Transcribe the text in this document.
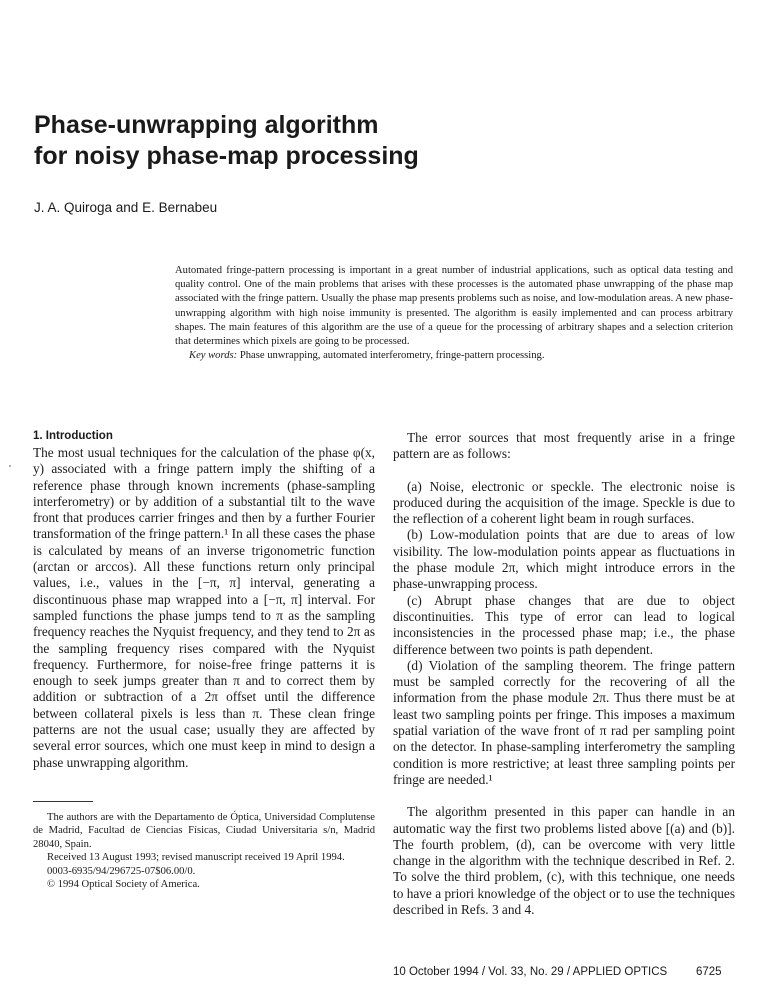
Phase-unwrapping algorithm
for noisy phase-map processing
J. A. Quiroga and E. Bernabeu

Automated fringe-pattern processing is important in a great number of industrial applications, such as optical data testing and quality control. One of the main problems that arises with these processes is the automated phase unwrapping of the phase map associated with the fringe pattern. Usually the phase map presents problems such as noise, and low-modulation areas. A new phase-unwrapping algorithm with high noise immunity is presented. The algorithm is easily implemented and can process arbitrary shapes. The main features of this algorithm are the use of a queue for the processing of arbitrary shapes and a selection criterion that determines which pixels are going to be processed.

Key words: Phase unwrapping, automated interferometry, fringe-pattern processing.

1. Introduction

The most usual techniques for the calculation of the phase φ(x, y) associated with a fringe pattern imply the shifting of a reference phase through known increments (phase-sampling interferometry) or by addition of a substantial tilt to the wave front that produces carrier fringes and then by a further Fourier transformation of the fringe pattern.¹ In all these cases the phase is calculated by means of an inverse trigonometric function (arctan or arccos). All these functions return only principal values, i.e., values in the [−π, π] interval, generating a discontinuous phase map wrapped into a [−π, π] interval. For sampled functions the phase jumps tend to π as the sampling frequency reaches the Nyquist frequency, and they tend to 2π as the sampling frequency rises compared with the Nyquist frequency. Furthermore, for noise-free fringe patterns it is enough to seek jumps greater than π and to correct them by addition or subtraction of a 2π offset until the difference between collateral pixels is less than π. These clean fringe patterns are not the usual case; usually they are affected by several error sources, which one must keep in mind to design a phase unwrapping algorithm.

The authors are with the Departamento de Óptica, Universidad Complutense de Madrid, Facultad de Ciencias Físicas, Ciudad Universitaria s/n, Madrid 28040, Spain.

Received 13 August 1993; revised manuscript received 19 April 1994.

0003-6935/94/296725-07$06.00/0.

© 1994 Optical Society of America.

The error sources that most frequently arise in a fringe pattern are as follows:

(a) Noise, electronic or speckle. The electronic noise is produced during the acquisition of the image. Speckle is due to the reflection of a coherent light beam in rough surfaces.

(b) Low-modulation points that are due to areas of low visibility. The low-modulation points appear as fluctuations in the phase module 2π, which might introduce errors in the phase-unwrapping process.

(c) Abrupt phase changes that are due to object discontinuities. This type of error can lead to logical inconsistencies in the processed phase map; i.e., the phase difference between two points is path dependent.

(d) Violation of the sampling theorem. The fringe pattern must be sampled correctly for the recovering of all the information from the phase module 2π. Thus there must be at least two sampling points per fringe. This imposes a maximum spatial variation of the wave front of π rad per sampling point on the detector. In phase-sampling interferometry the sampling condition is more restrictive; at least three sampling points per fringe are needed.¹

The algorithm presented in this paper can handle in an automatic way the first two problems listed above [(a) and (b)]. The fourth problem, (d), can be overcome with very little change in the algorithm with the technique described in Ref. 2. To solve the third problem, (c), with this technique, one needs to have a priori knowledge of the object or to use the techniques described in Refs. 3 and 4.

10 October 1994 / Vol. 33, No. 29 / APPLIED OPTICS	6725
